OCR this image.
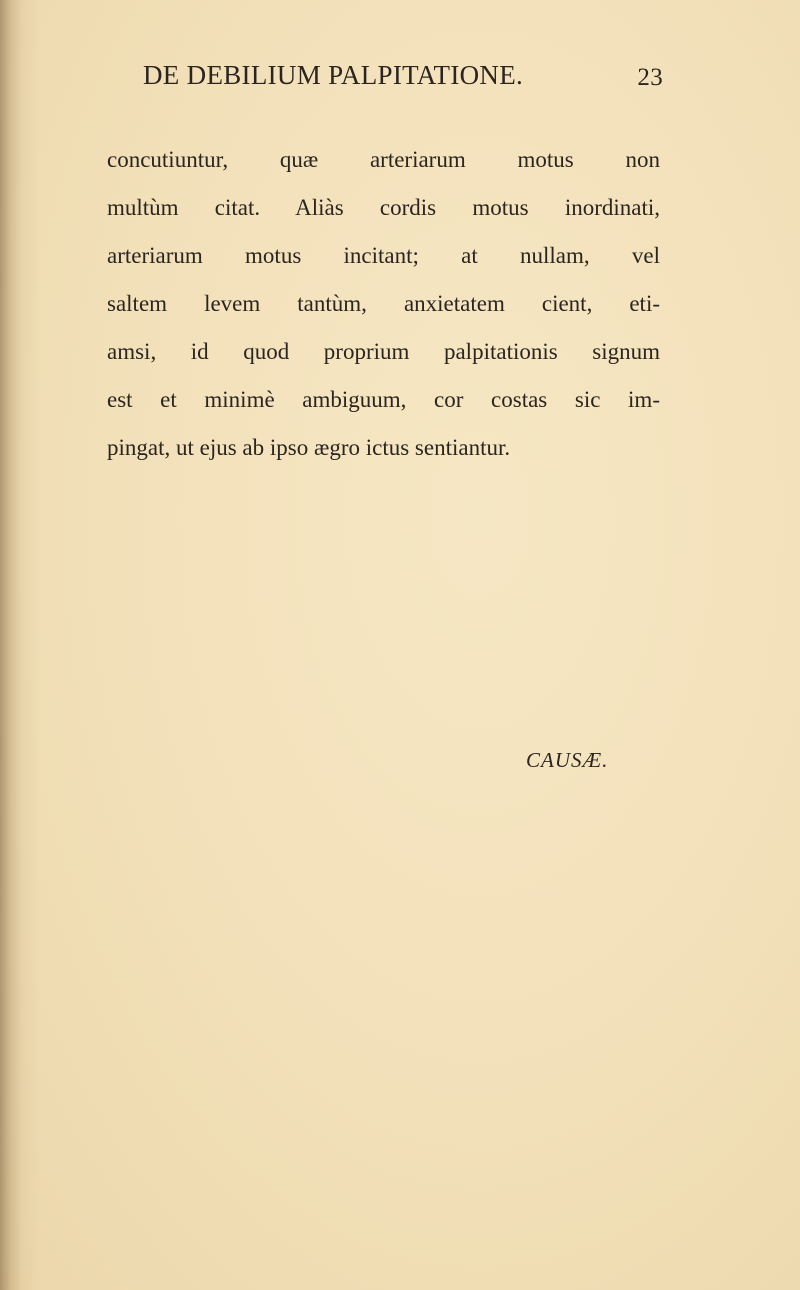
DE DEBILIUM PALPITATIONE.	23
concutiuntur, quæ arteriarum motus non
multùm citat. Aliàs cordis motus inordinati,
arteriarum motus incitant; at nullam, vel
saltem levem tantùm, anxietatem cient, eti-
amsi, id quod proprium palpitationis signum
est et minimè ambiguum, cor costas sic im-
pingat, ut ejus ab ipso ægro ictus sentiantur.
CAUSÆ.
